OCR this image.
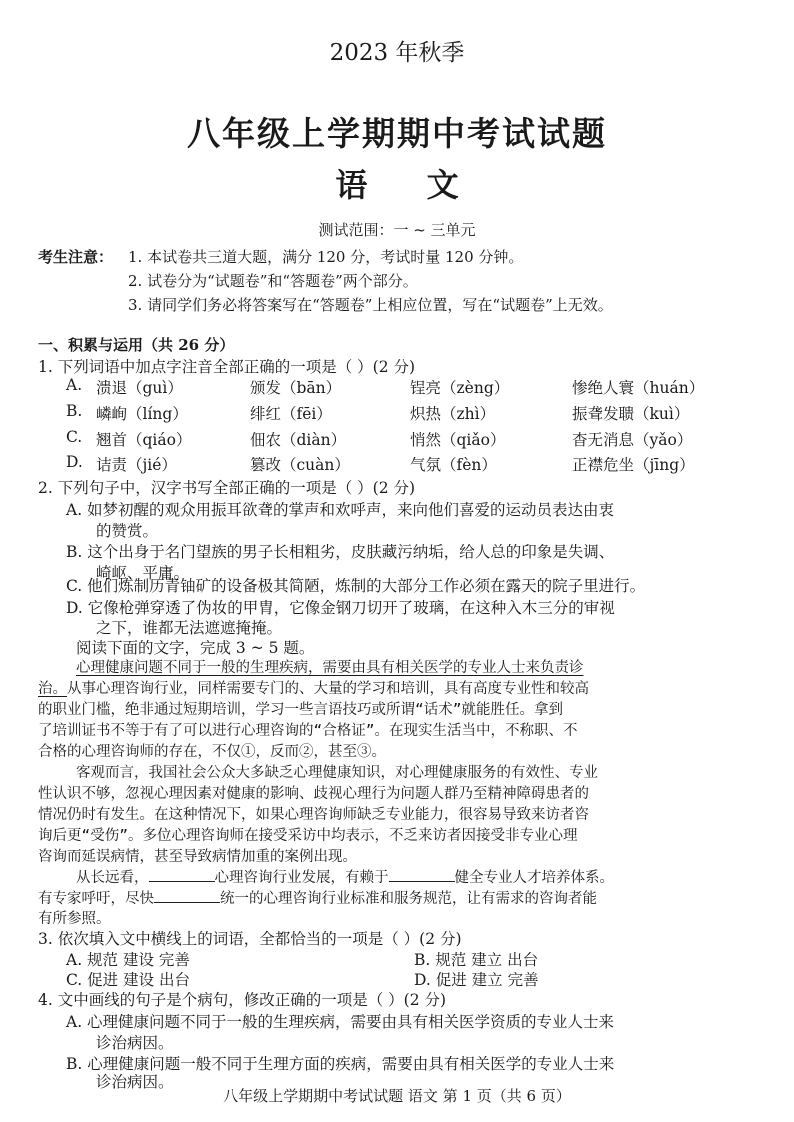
2023 年秋季
八年级上学期期中考试试题
语 文
测试范围：一 ~ 三单元
考生注意： 1. 本试卷共三道大题，满分 120 分，考试时量 120 分钟。
2. 试卷分为“试题卷”和“答题卷”两个部分。
3. 请同学们务必将答案写在“答题卷”上相应位置，写在“试题卷”上无效。
一、积累与运用（共 26 分）
1. 下列词语中加点字注音全部正确的一项是（ ）(2 分)
A. 溃退（guì）	颁发（bān）	锃亮（zèng）	惨绝人寰（huán）
B. 嶙峋（líng）	绯红（fēi）	炽热（zhì）	振聋发聩（kuì）
C. 翘首（qiáo）	佃农（diàn）	悄然（qiǎo）	杳无消息（yǎo）
D. 诘责（jié）	篡改（cuàn）	气氛（fèn）	正襟危坐（jīng）
2. 下列句子中，汉字书写全部正确的一项是（ ）(2 分)
A. 如梦初醒的观众用振耳欲聋的掌声和欢呼声，来向他们喜爱的运动员表达由衷
的赞赏。
B. 这个出身于名门望族的男子长相粗劣，皮肤藏污纳垢，给人总的印象是失调、
崎岖、平庸。
C. 他们炼制历青铀矿的设备极其简陋，炼制的大部分工作必须在露天的院子里进行。
D. 它像枪弹穿透了伪妆的甲胄，它像金钢刀切开了玻璃，在这种入木三分的审视
之下，谁都无法遮遮掩掩。
阅读下面的文字，完成 3 ~ 5 题。
心理健康问题不同于一般的生理疾病，需要由具有相关医学的专业人士来负责诊
治。从事心理咨询行业，同样需要专门的、大量的学习和培训，具有高度专业性和较高
的职业门槛，绝非通过短期培训，学习一些言语技巧或所谓“话术”就能胜任。拿到
了培训证书不等于有了可以进行心理咨询的“合格证”。在现实生活当中，不称职、不
合格的心理咨询师的存在，不仅①，反而②，甚至③。
客观而言，我国社会公众大多缺乏心理健康知识，对心理健康服务的有效性、专业
性认识不够，忽视心理因素对健康的影响、歧视心理行为问题人群乃至精神障碍患者的
情况仍时有发生。在这种情况下，如果心理咨询师缺乏专业能力，很容易导致来访者咨
询后更“受伤”。多位心理咨询师在接受采访中均表示，不乏来访者因接受非专业心理
咨询而延误病情，甚至导致病情加重的案例出现。
从长远看，	心理咨询行业发展，有赖于	健全专业人才培养体系。
有专家呼吁，尽快	统一的心理咨询行业标准和服务规范，让有需求的咨询者能
有所参照。
3. 依次填入文中横线上的词语，全都恰当的一项是（ ）(2 分)
A. 规范 建设 完善	B. 规范 建立 出台
C. 促进 建设 出台	D. 促进 建立 完善
4. 文中画线的句子是个病句，修改正确的一项是（ ）(2 分)
A. 心理健康问题不同于一般的生理疾病，需要由具有相关医学资质的专业人士来
诊治病因。
B. 心理健康问题一般不同于生理方面的疾病，需要由具有相关医学的专业人士来
诊治病因。
八年级上学期期中考试试题 语文 第 1 页（共 6 页）
